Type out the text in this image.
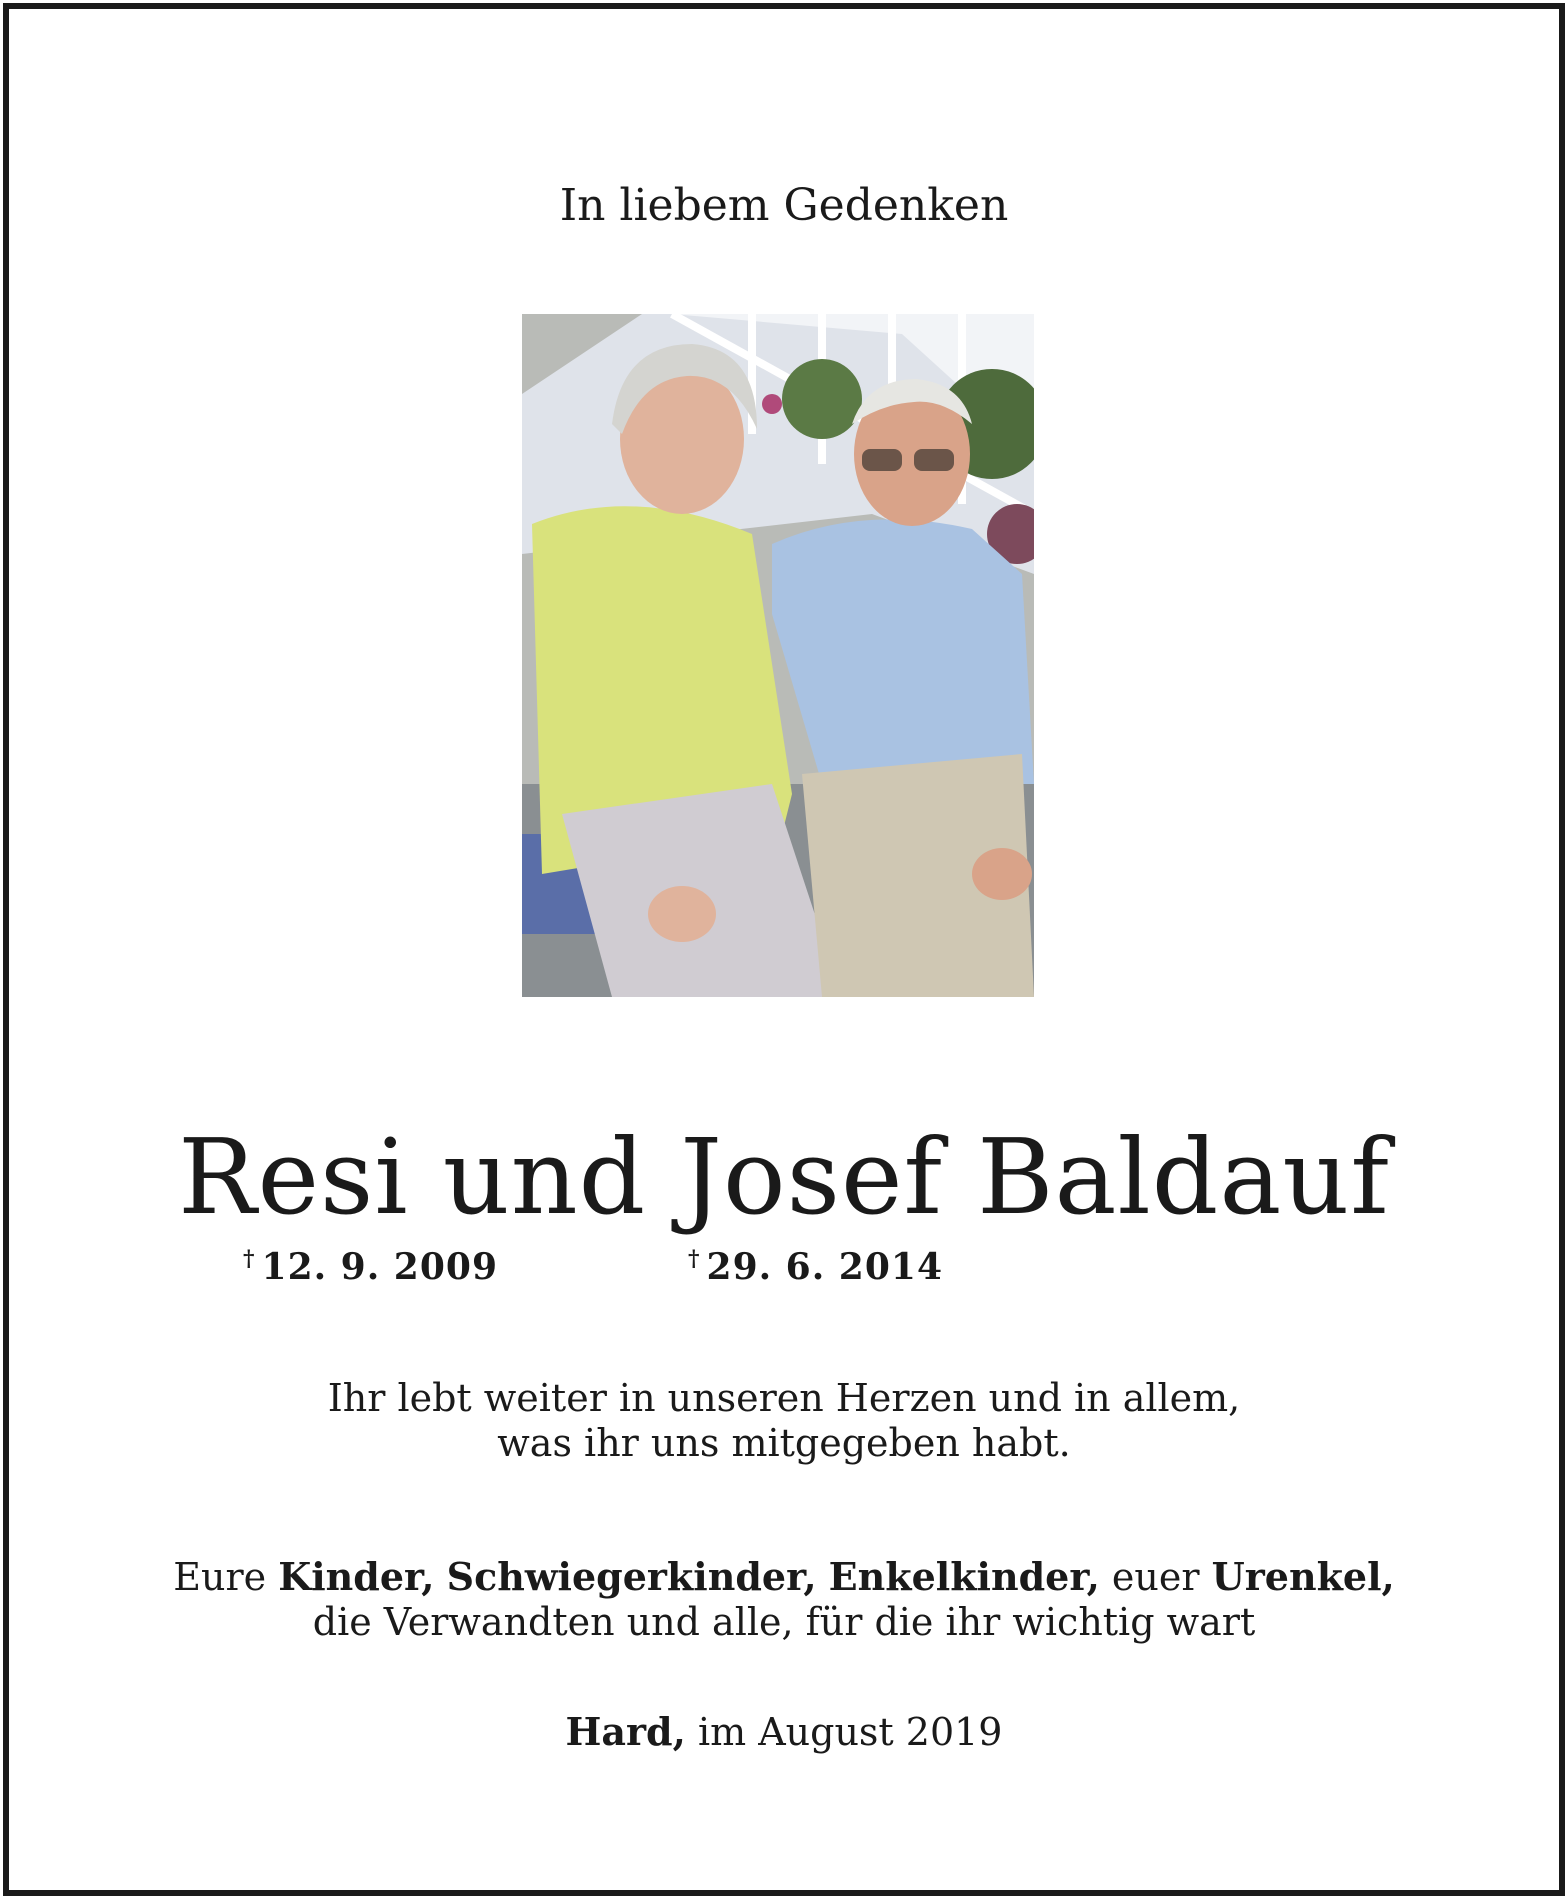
In liebem Gedenken
Resi und Josef Baldauf
† 12. 9. 2009	† 29. 6. 2014
Ihr lebt weiter in unseren Herzen und in allem,
was ihr uns mitgegeben habt.
Eure Kinder, Schwiegerkinder, Enkelkinder, euer Urenkel,
die Verwandten und alle, für die ihr wichtig wart
Hard, im August 2019
